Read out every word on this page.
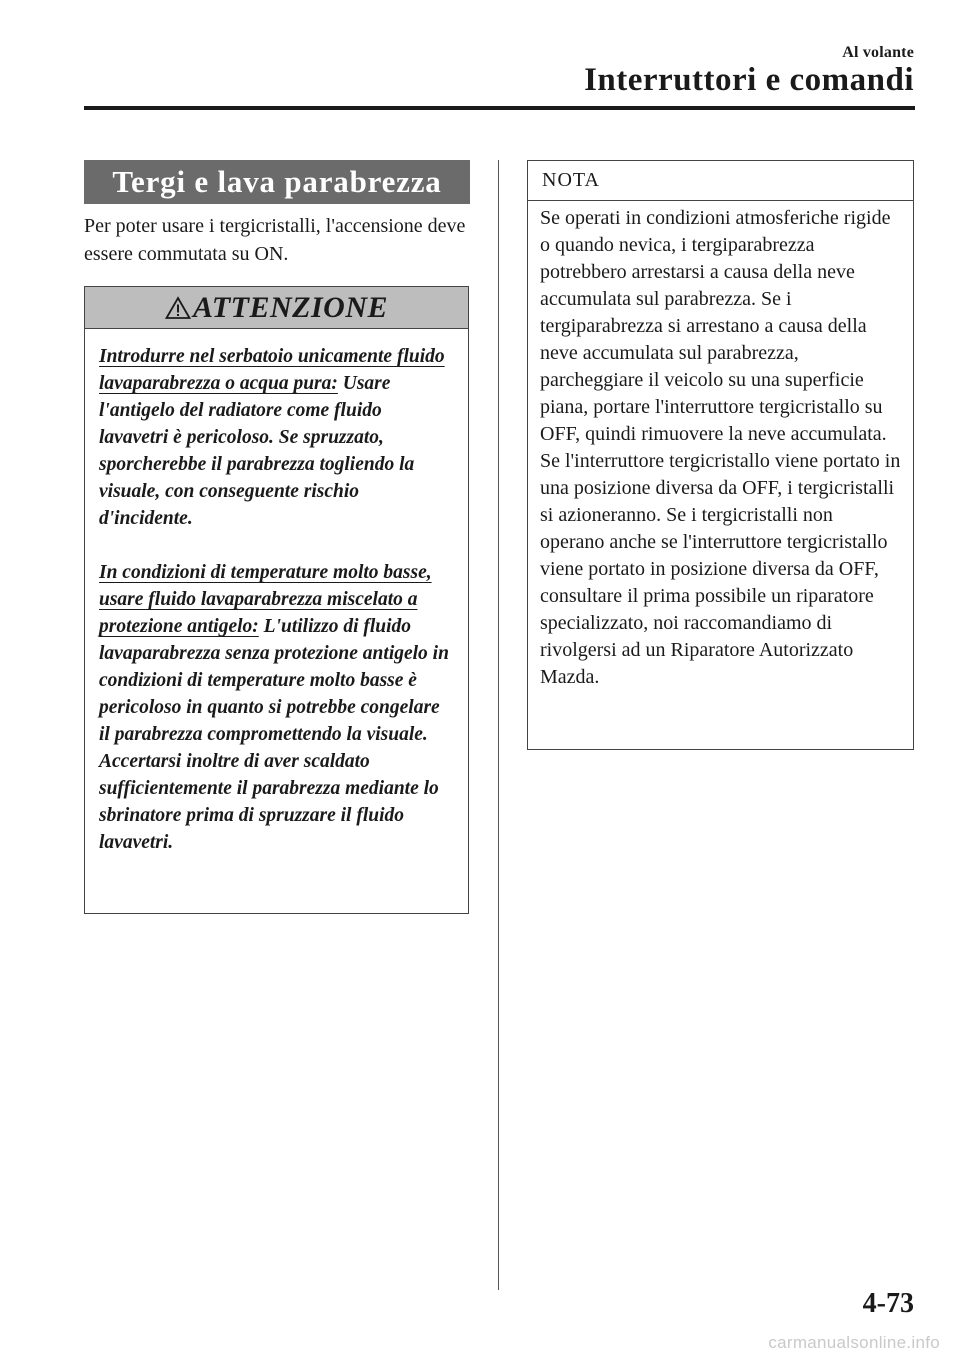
Al volante
Interruttori e comandi
Tergi e lava parabrezza
Per poter usare i tergicristalli, l'accensione deve essere commutata su ON.
ATTENZIONE

Introdurre nel serbatoio unicamente fluido lavaparabrezza o acqua pura: Usare l'antigelo del radiatore come fluido lavavetri è pericoloso. Se spruzzato, sporcherebbe il parabrezza togliendo la visuale, con conseguente rischio d'incidente.

In condizioni di temperature molto basse, usare fluido lavaparabrezza miscelato a protezione antigelo: L'utilizzo di fluido lavaparabrezza senza protezione antigelo in condizioni di temperature molto basse è pericoloso in quanto si potrebbe congelare il parabrezza compromettendo la visuale. Accertarsi inoltre di aver scaldato sufficientemente il parabrezza mediante lo sbrinatore prima di spruzzare il fluido lavavetri.

NOTA
Se operati in condizioni atmosferiche rigide o quando nevica, i tergiparabrezza potrebbero arrestarsi a causa della neve accumulata sul parabrezza. Se i tergiparabrezza si arrestano a causa della neve accumulata sul parabrezza, parcheggiare il veicolo su una superficie piana, portare l'interruttore tergicristallo su OFF, quindi rimuovere la neve accumulata. Se l'interruttore tergicristallo viene portato in una posizione diversa da OFF, i tergicristalli si azioneranno. Se i tergicristalli non operano anche se l'interruttore tergicristallo viene portato in posizione diversa da OFF, consultare il prima possibile un riparatore specializzato, noi raccomandiamo di rivolgersi ad un Riparatore Autorizzato Mazda.
4-73
carmanualsonline.info
